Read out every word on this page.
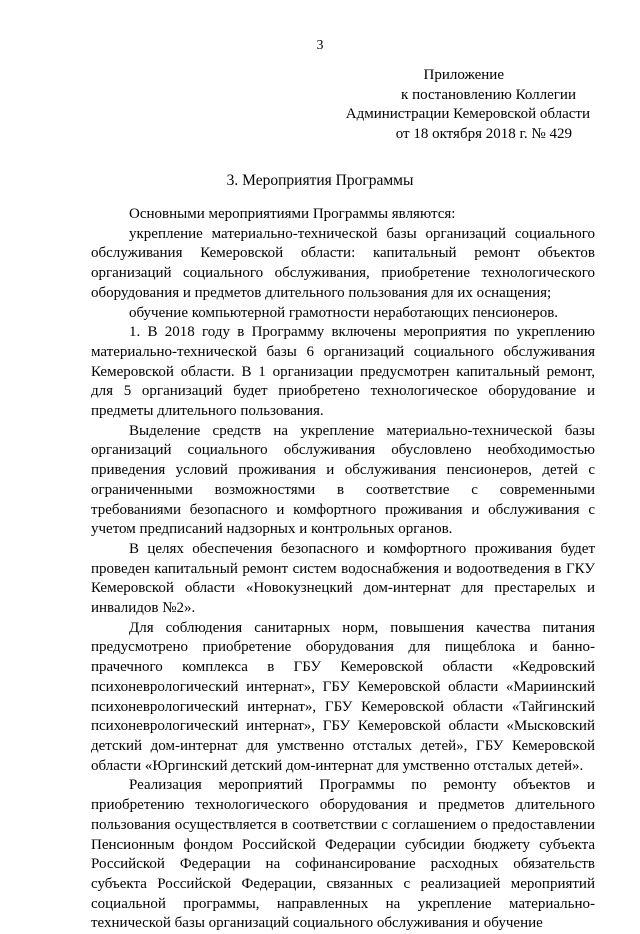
3
Приложение
к постановлению Коллегии
Администрации Кемеровской области
от 18 октября 2018 г. № 429
3. Мероприятия Программы

Основными мероприятиями Программы являются:

укрепление материально-технической базы организаций социального обслуживания Кемеровской области: капитальный ремонт объектов организаций социального обслуживания, приобретение технологического оборудования и предметов длительного пользования для их оснащения;

обучение компьютерной грамотности неработающих пенсионеров.

1. В 2018 году в Программу включены мероприятия по укреплению материально-технической базы 6 организаций социального обслуживания Кемеровской области. В 1 организации предусмотрен капитальный ремонт, для 5 организаций будет приобретено технологическое оборудование и предметы длительного пользования.

Выделение средств на укрепление материально-технической базы организаций социального обслуживания обусловлено необходимостью приведения условий проживания и обслуживания пенсионеров, детей с ограниченными возможностями в соответствие с современными требованиями безопасного и комфортного проживания и обслуживания с учетом предписаний надзорных и контрольных органов.

В целях обеспечения безопасного и комфортного проживания будет проведен капитальный ремонт систем водоснабжения и водоотведения в ГКУ Кемеровской области «Новокузнецкий дом-интернат для престарелых и инвалидов №2».

Для соблюдения санитарных норм, повышения качества питания предусмотрено приобретение оборудования для пищеблока и банно-прачечного комплекса в ГБУ Кемеровской области «Кедровский психоневрологический интернат», ГБУ Кемеровской области «Мариинский психоневрологический интернат», ГБУ Кемеровской области «Тайгинский психоневрологический интернат», ГБУ Кемеровской области «Мысковский детский дом-интернат для умственно отсталых детей», ГБУ Кемеровской области «Юргинский детский дом-интернат для умственно отсталых детей».

Реализация мероприятий Программы по ремонту объектов и приобретению технологического оборудования и предметов длительного пользования осуществляется в соответствии с соглашением о предоставлении Пенсионным фондом Российской Федерации субсидии бюджету субъекта Российской Федерации на софинансирование расходных обязательств субъекта Российской Федерации, связанных с реализацией мероприятий социальной программы, направленных на укрепление материально-технической базы организаций социального обслуживания и обучение
